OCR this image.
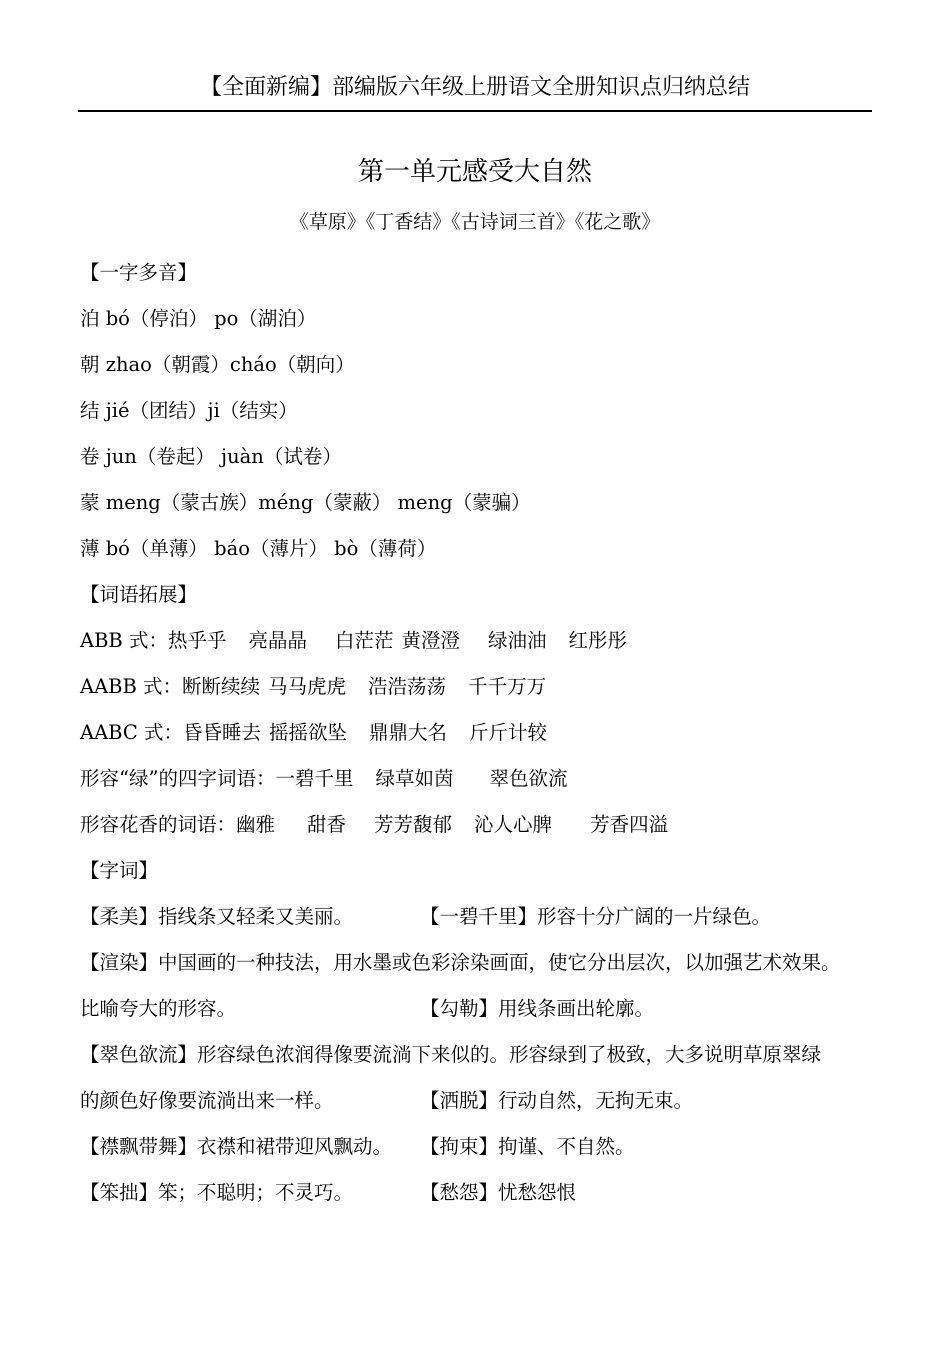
【全面新编】部编版六年级上册语文全册知识点归纳总结
第一单元感受大自然
《草原》《丁香结》《古诗词三首》《花之歌》
【一字多音】
泊 bó（停泊） po（湖泊）
朝 zhao（朝霞）cháo（朝向）
结 jié（团结）ji（结实）
卷 jun（卷起） juàn（试卷）
蒙 meng（蒙古族）méng（蒙蔽） meng（蒙骗）
薄 bó（单薄） báo（薄片） bò（薄荷）
【词语拓展】
ABB 式：热乎乎 亮晶晶 白茫茫 黄澄澄 绿油油 红彤彤
AABB 式：断断续续 马马虎虎 浩浩荡荡 千千万万
AABC 式：昏昏睡去 摇摇欲坠 鼎鼎大名 斤斤计较
形容“绿”的四字词语：一碧千里 绿草如茵 翠色欲流
形容花香的词语：幽雅 甜香 芳芳馥郁 沁人心脾 芳香四溢
【字词】
【柔美】指线条又轻柔又美丽。	【一碧千里】形容十分广阔的一片绿色。
【渲染】中国画的一种技法，用水墨或色彩涂染画面，使它分出层次，以加强艺术效果。
比喻夸大的形容。	【勾勒】用线条画出轮廓。
【翠色欲流】形容绿色浓润得像要流淌下来似的。形容绿到了极致，大多说明草原翠绿
的颜色好像要流淌出来一样。	【洒脱】行动自然，无拘无束。
【襟飘带舞】衣襟和裙带迎风飘动。 【拘束】拘谨、不自然。
【笨拙】笨；不聪明；不灵巧。	【愁怨】忧愁怨恨
